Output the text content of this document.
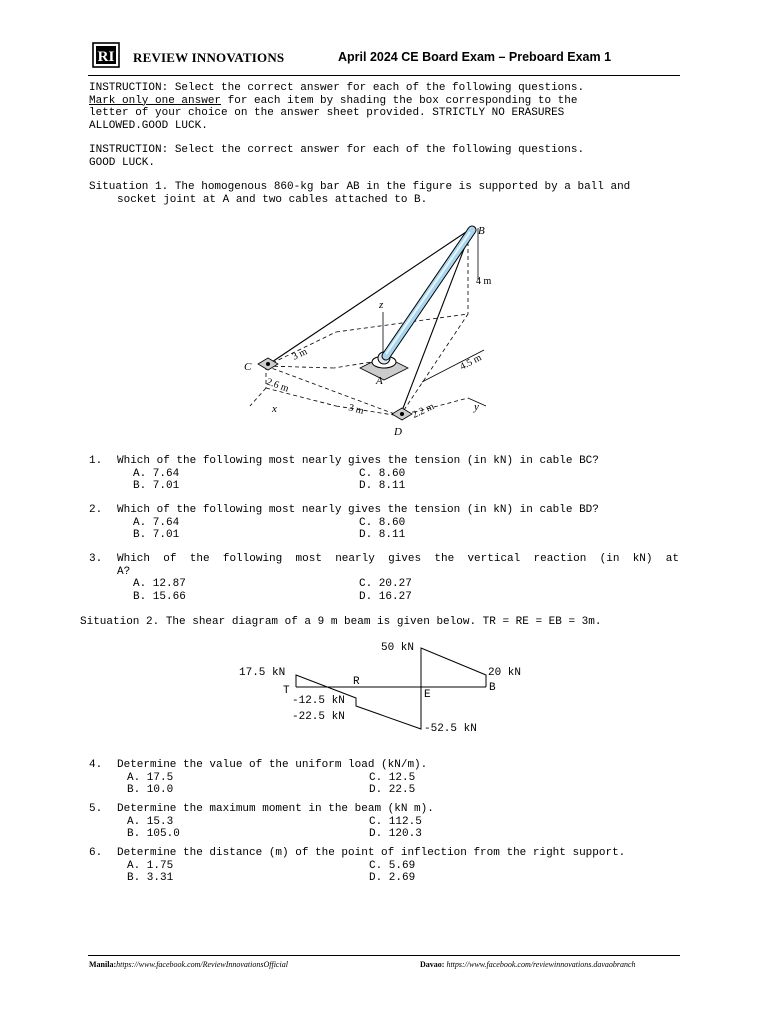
RI REVIEW INNOVATIONS	April 2024 CE Board Exam – Preboard Exam 1
INSTRUCTION: Select the correct answer for each of the following questions.
Mark only one answer for each item by shading the box corresponding to the
letter of your choice on the answer sheet provided. STRICTLY NO ERASURES
ALLOWED.GOOD LUCK.
INSTRUCTION: Select the correct answer for each of the following questions.
GOOD LUCK.
Situation 1. The homogenous 860-kg bar AB in the figure is supported by a ball and
socket joint at A and two cables attached to B.
B
A
C
D
z
x	y
4 m
3 m
2.6 m
3 m	2.2 m
4.5 m
1. Which of the following most nearly gives the tension (in kN) in cable BC?
A. 7.64	C. 8.60
B. 7.01	D. 8.11
2. Which of the following most nearly gives the tension (in kN) in cable BD?
A. 7.64	C. 8.60
B. 7.01	D. 8.11
3. Which of the following most nearly gives the vertical reaction (in kN) at
A?
A. 12.87	C. 20.27
B. 15.66	D. 16.27
Situation 2. The shear diagram of a 9 m beam is given below. TR = RE = EB = 3m.
50 kN
17.5 kN	20 kN
-12.5 kN
-22.5 kN
-52.5 kN
T
R
E
B
4. Determine the value of the uniform load (kN/m).
A. 17.5	C. 12.5
B. 10.0	D. 22.5
5. Determine the maximum moment in the beam (kN m).
A. 15.3	C. 112.5
B. 105.0	D. 120.3
6. Determine the distance (m) of the point of inflection from the right support.
A. 1.75	C. 5.69
B. 3.31	D. 2.69
Manila:https://www.facebook.com/ReviewInnovationsOfficial	Davao: https://www.facebook.com/reviewinnovations.davaobranch
